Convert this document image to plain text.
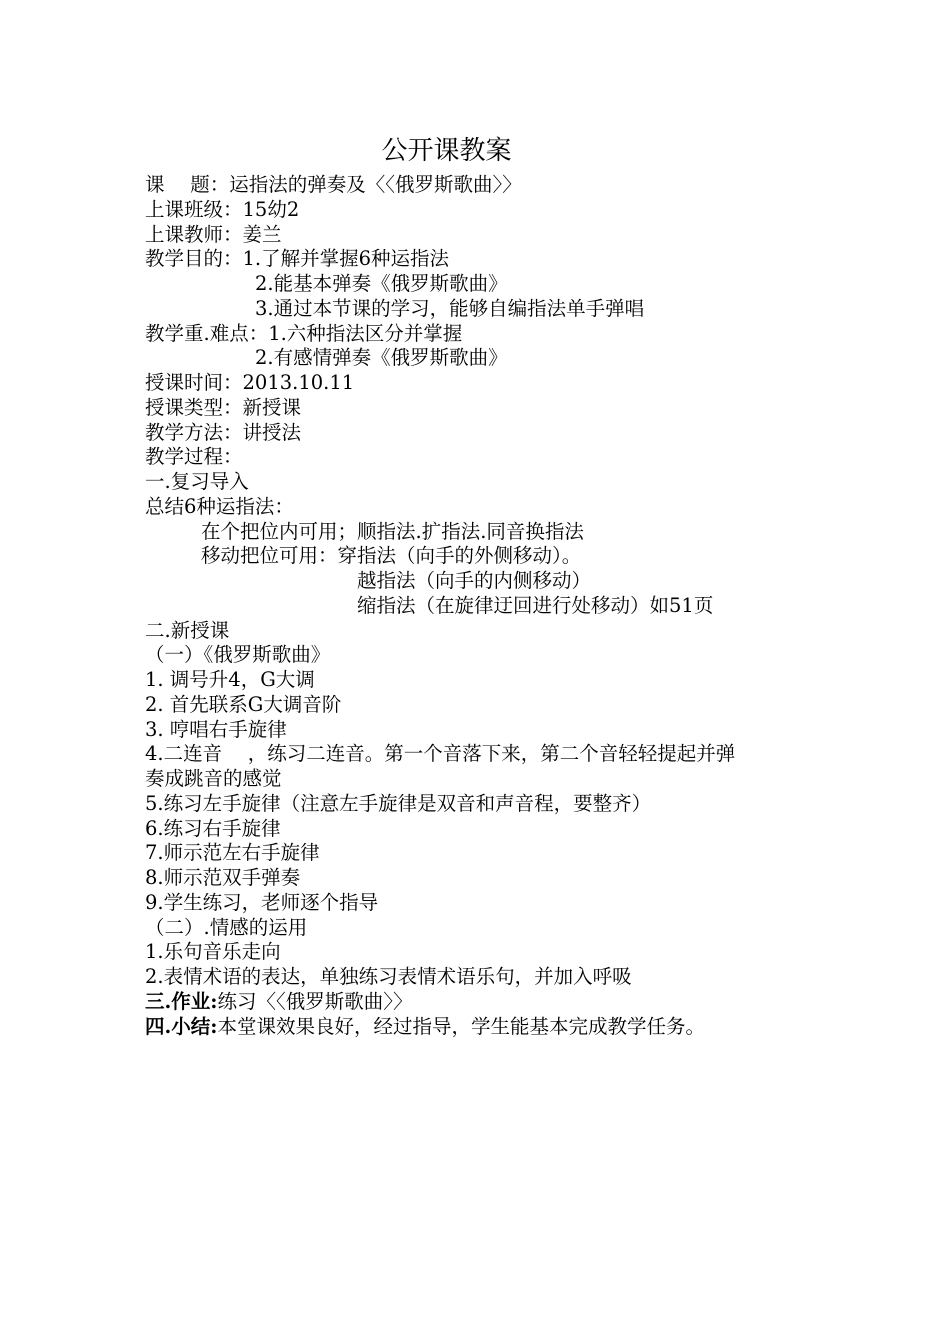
公开课教案
课　 题：运指法的弹奏及〈〈俄罗斯歌曲〉〉
上课班级：15幼2
上课教师：姜兰
教学目的：1.了解并掌握6种运指法
2.能基本弹奏《俄罗斯歌曲》
3.通过本节课的学习，能够自编指法单手弹唱
教学重.难点：1.六种指法区分并掌握
2.有感情弹奏《俄罗斯歌曲》
授课时间：2013.10.11
授课类型：新授课
教学方法：讲授法
教学过程：
一.复习导入
总结6种运指法：
在个把位内可用；顺指法.扩指法.同音换指法
移动把位可用：穿指法（向手的外侧移动）。
越指法（向手的内侧移动）
缩指法（在旋律迂回进行处移动）如51页
二.新授课
（一）《俄罗斯歌曲》
1. 调号升4，G大调
2. 首先联系G大调音阶
3. 哼唱右手旋律
4.二连音　 ，练习二连音。第一个音落下来，第二个音轻轻提起并弹
奏成跳音的感觉
5.练习左手旋律（注意左手旋律是双音和声音程，要整齐）
6.练习右手旋律
7.师示范左右手旋律
8.师示范双手弹奏
9.学生练习，老师逐个指导
（二）.情感的运用
1.乐句音乐走向
2.表情术语的表达，单独练习表情术语乐句，并加入呼吸
三.作业:练习〈〈俄罗斯歌曲〉〉
四.小结:本堂课效果良好，经过指导，学生能基本完成教学任务。
